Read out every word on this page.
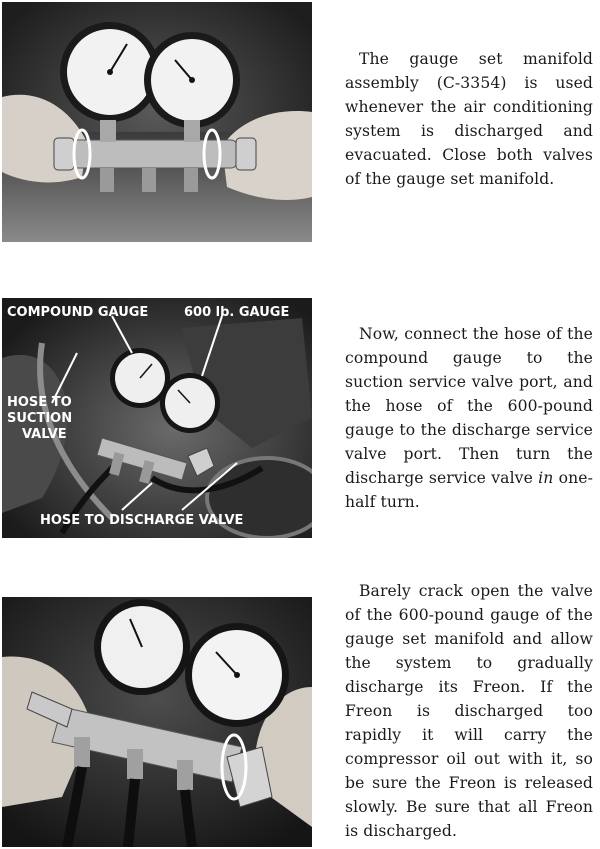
The gauge set manifold assembly (C-3354) is used whenever the air conditioning system is discharged and evacuated. Close both valves of the gauge set manifold.

COMPOUND GAUGE	600 lb. GAUGE
HOSE TO
SUCTION
VALVE
HOSE TO DISCHARGE VALVE

Now, connect the hose of the compound gauge to the suction service valve port, and the hose of the 600-pound gauge to the discharge service valve port. Then turn the discharge service valve in one-half turn.

Barely crack open the valve of the 600-pound gauge of the gauge set manifold and allow the system to gradually discharge its Freon. If the Freon is discharged too rapidly it will carry the compressor oil out with it, so be sure the Freon is released slowly. Be sure that all Freon is discharged.
